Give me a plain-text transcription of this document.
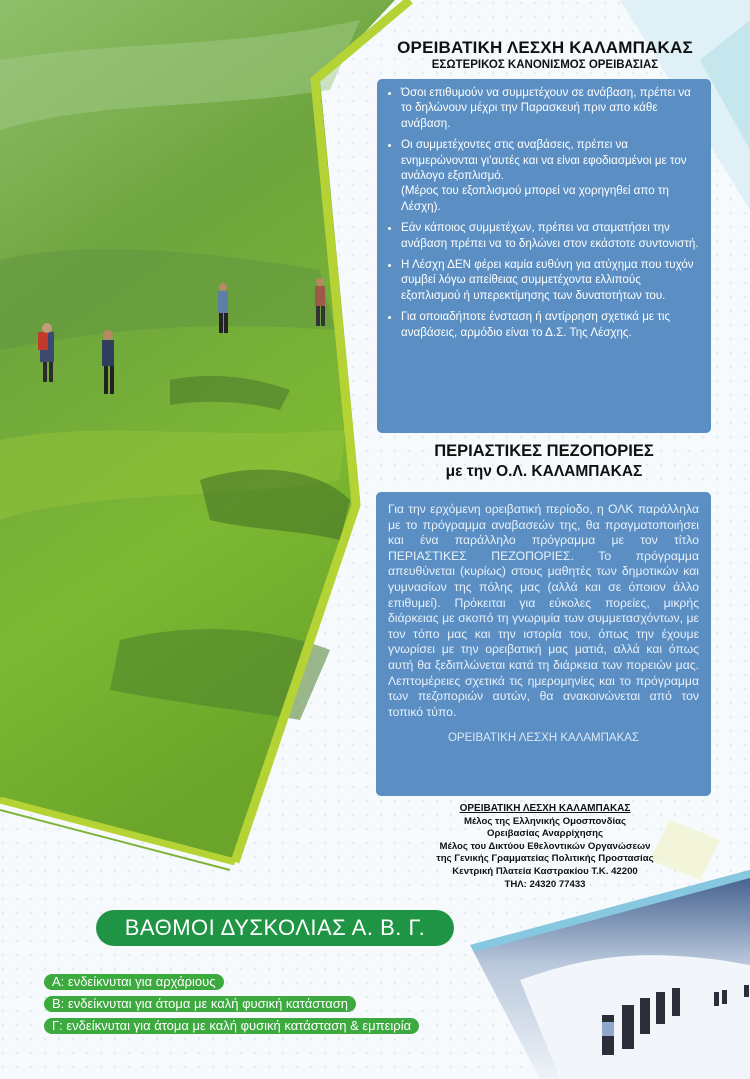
ΟΡΕΙΒΑΤΙΚΗ ΛΕΣΧΗ ΚΑΛΑΜΠΑΚΑΣ
ΕΣΩΤΕΡΙΚΟΣ ΚΑΝΟΝΙΣΜΟΣ ΟΡΕΙΒΑΣΙΑΣ
• Όσοι επιθυμούν να συμμετέχουν σε ανάβαση, πρέπει να το δηλώνουν μέχρι την Παρασκευή πριν απο κάθε ανάβαση.
• Οι συμμετέχοντες στις αναβάσεις, πρέπει να ενημερώνονται γι'αυτές και να είναι εφοδιασμένοι με τον ανάλογο εξοπλισμό.
(Μέρος του εξοπλισμού μπορεί να χορηγηθεί απο τη Λέσχη).
• Εάν κάποιος συμμετέχων, πρέπει να σταματήσει την ανάβαση πρέπει να το δηλώνει στον εκάστοτε συντονιστή.
• Η Λέσχη ΔΕΝ φέρει καμία ευθύνη για ατύχημα που τυχόν συμβεί λόγω απείθειας συμμετέχοντα ελλιπούς εξοπλισμού ή υπερεκτίμησης των δυνατοτήτων του.
• Για οποιαδήποτε ένσταση ή αντίρρηση σχετικά με τις αναβάσεις, αρμόδιο είναι το Δ.Σ. Της Λέσχης.
ΠΕΡΙΑΣΤΙΚΕΣ ΠΕΖΟΠΟΡΙΕΣ
με την Ο.Λ. ΚΑΛΑΜΠΑΚΑΣ
Για την ερχόμενη ορειβατική περίοδο, η ΟΛΚ παράλληλα με το πρόγραμμα αναβασεών της, θα πραγματοποιήσει και ένα παράλληλο πρόγραμμα με τον τίτλο ΠΕΡΙΑΣΤΙΚΕΣ ΠΕΖΟΠΟΡΙΕΣ. Το πρόγραμμα απευθύνεται (κυρίως) στους μαθητές των δημοτικών και γυμνασίων της πόλης μας (αλλά και σε όποιον άλλο επιθυμεί). Πρόκειται για εύκολες πορείες, μικρής διάρκειας με σκοπό τη γνωριμία των συμμετασχόντων, με τον τόπο μας και την ιστορία του, όπως την έχουμε γνωρίσει με την ορειβατική μας ματιά, αλλά και όπως αυτή θα ξεδιπλώνεται κατά τη διάρκεια των πορειών μας. Λεπτομέρειες σχετικά τις ημερομηνίες και το πρόγραμμα των πεζοποριών αυτών, θα ανακοινώνεται από τον τοπικό τύπο.
ΟΡΕΙΒΑΤΙΚΗ ΛΕΣΧΗ ΚΑΛΑΜΠΑΚΑΣ
ΟΡΕΙΒΑΤΙΚΗ ΛΕΣΧΗ ΚΑΛΑΜΠΑΚΑΣ
Μέλος της Ελληνικής Ομοσπονδίας
Ορειβασίας Αναρρίχησης
Μέλος του Δικτύου Εθελοντικών Οργανώσεων
της Γενικής Γραμματείας Πολιτικής Προστασίας
Κεντρική Πλατεία Καστρακίου Τ.Κ. 42200
ΤΗΛ: 24320 77433
ΒΑΘΜΟΙ ΔΥΣΚΟΛΙΑΣ Α. Β. Γ.
Α: ενδείκνυται για αρχάριους
Β: ενδείκνυται για άτομα με καλή φυσική κατάσταση
Γ: ενδείκνυται για άτομα με καλή φυσική κατάσταση & εμπειρία
